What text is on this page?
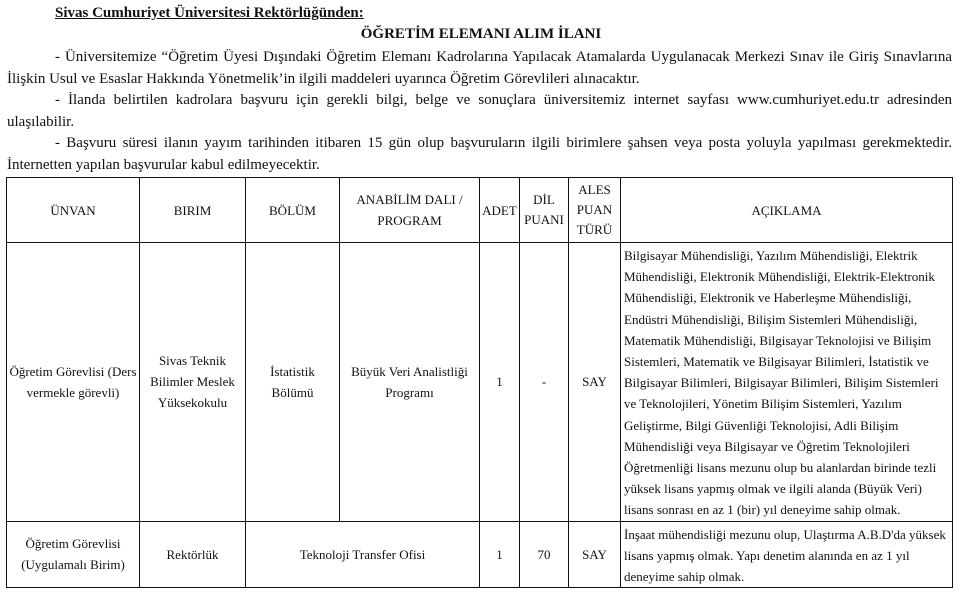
Sivas Cumhuriyet Üniversitesi Rektörlüğünden:
ÖĞRETİM ELEMANI ALIM İLANI
- Üniversitemize “Öğretim Üyesi Dışındaki Öğretim Elemanı Kadrolarına Yapılacak Atamalarda Uygulanacak Merkezi Sınav ile Giriş Sınavlarına İlişkin Usul ve Esaslar Hakkında Yönetmelik’in ilgili maddeleri uyarınca Öğretim Görevlileri alınacaktır.
- İlanda belirtilen kadrolara başvuru için gerekli bilgi, belge ve sonuçlara üniversitemiz internet sayfası www.cumhuriyet.edu.tr adresinden ulaşılabilir.
- Başvuru süresi ilanın yayım tarihinden itibaren 15 gün olup başvuruların ilgili birimlere şahsen veya posta yoluyla yapılması gerekmektedir. İnternetten yapılan başvurular kabul edilmeyecektir.
ÜNVAN	BIRIM	BÖLÜM	ANABİLİM DALI / PROGRAM	ADET	DİL PUANI	ALES PUAN TÜRÜ	AÇIKLAMA
Öğretim Görevlisi (Ders vermekle görevli)	Sivas Teknik Bilimler Meslek Yüksekokulu	İstatistik Bölümü	Büyük Veri Analistliği Programı	1	-	SAY	Bilgisayar Mühendisliği, Yazılım Mühendisliği, Elektrik Mühendisliği, Elektronik Mühendisliği, Elektrik-Elektronik Mühendisliği, Elektronik ve Haberleşme Mühendisliği, Endüstri Mühendisliği, Bilişim Sistemleri Mühendisliği, Matematik Mühendisliği, Bilgisayar Teknolojisi ve Bilişim Sistemleri, Matematik ve Bilgisayar Bilimleri, İstatistik ve Bilgisayar Bilimleri, Bilgisayar Bilimleri, Bilişim Sistemleri ve Teknolojileri, Yönetim Bilişim Sistemleri, Yazılım Geliştirme, Bilgi Güvenliği Teknolojisi, Adli Bilişim Mühendisliği veya Bilgisayar ve Öğretim Teknolojileri Öğretmenliği lisans mezunu olup bu alanlardan birinde tezli yüksek lisans yapmış olmak ve ilgili alanda (Büyük Veri) lisans sonrası en az 1 (bir) yıl deneyime sahip olmak.
Öğretim Görevlisi (Uygulamalı Birim)	Rektörlük	Teknoloji Transfer Ofisi		1	70	SAY	İnşaat mühendisliği mezunu olup, Ulaştırma A.B.D'da yüksek lisans yapmış olmak. Yapı denetim alanında en az 1 yıl deneyime sahip olmak.
